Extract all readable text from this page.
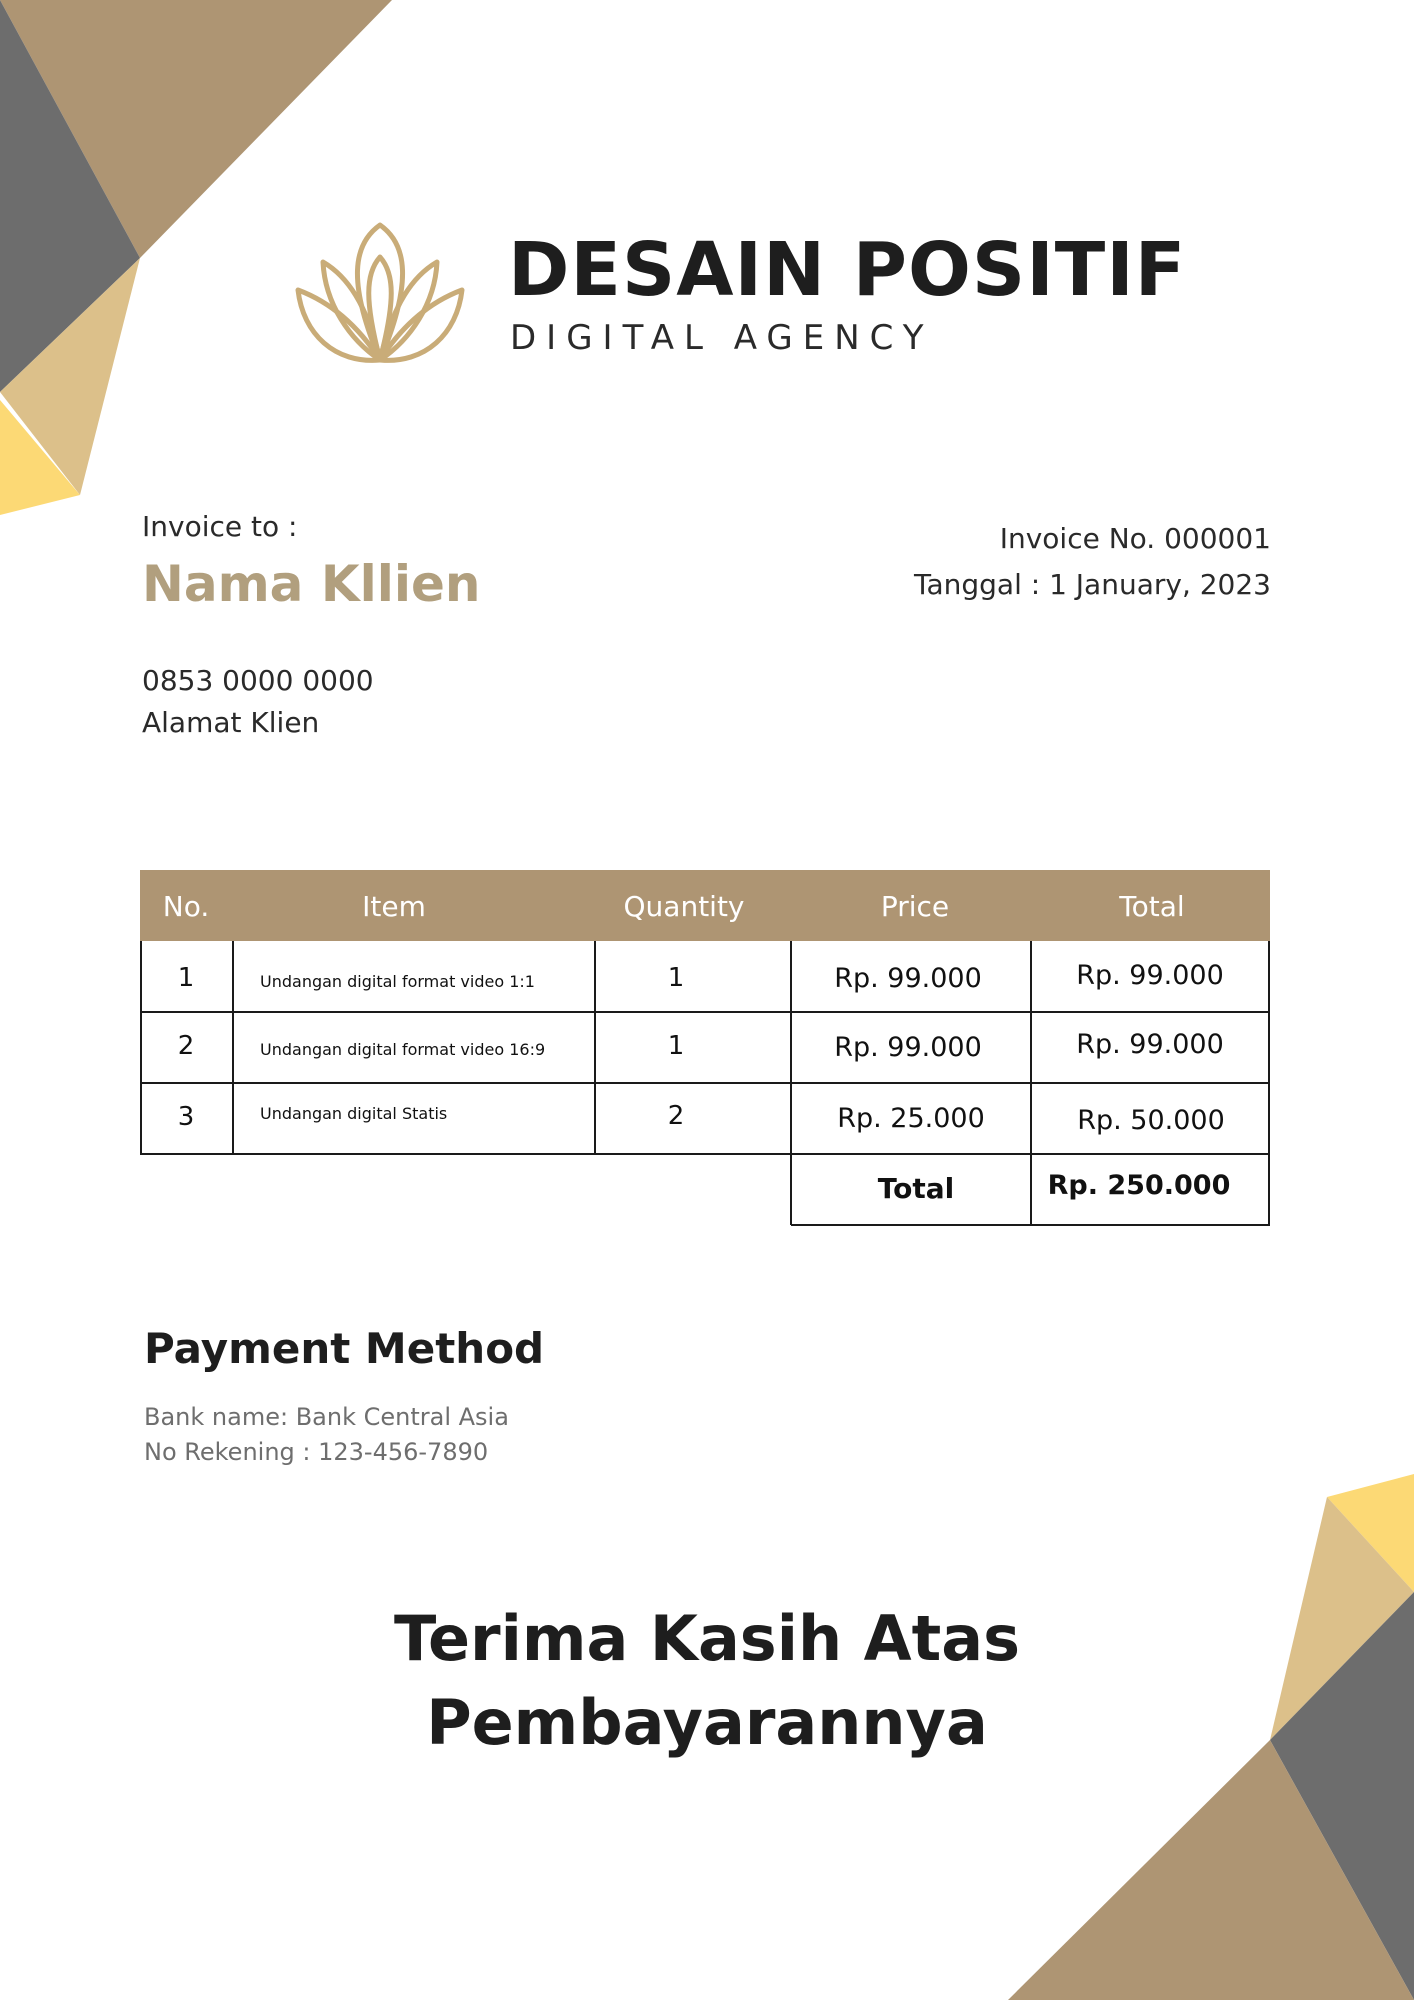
DESAIN POSITIF
DIGITAL AGENCY
Invoice to :
Nama Kllien
0853 0000 0000
Alamat Klien
Invoice No. 000001
Tanggal : 1 January, 2023
No.	Item	Quantity	Price	Total
1	Undangan digital format video 1:1	1	Rp. 99.000	Rp. 99.000
2	Undangan digital format video 16:9	1	Rp. 99.000	Rp. 99.000
3	Undangan digital Statis	2	Rp. 25.000	Rp. 50.000
Total	Rp. 250.000
Payment Method
Bank name: Bank Central Asia
No Rekening : 123-456-7890
Terima Kasih Atas
Pembayarannya
